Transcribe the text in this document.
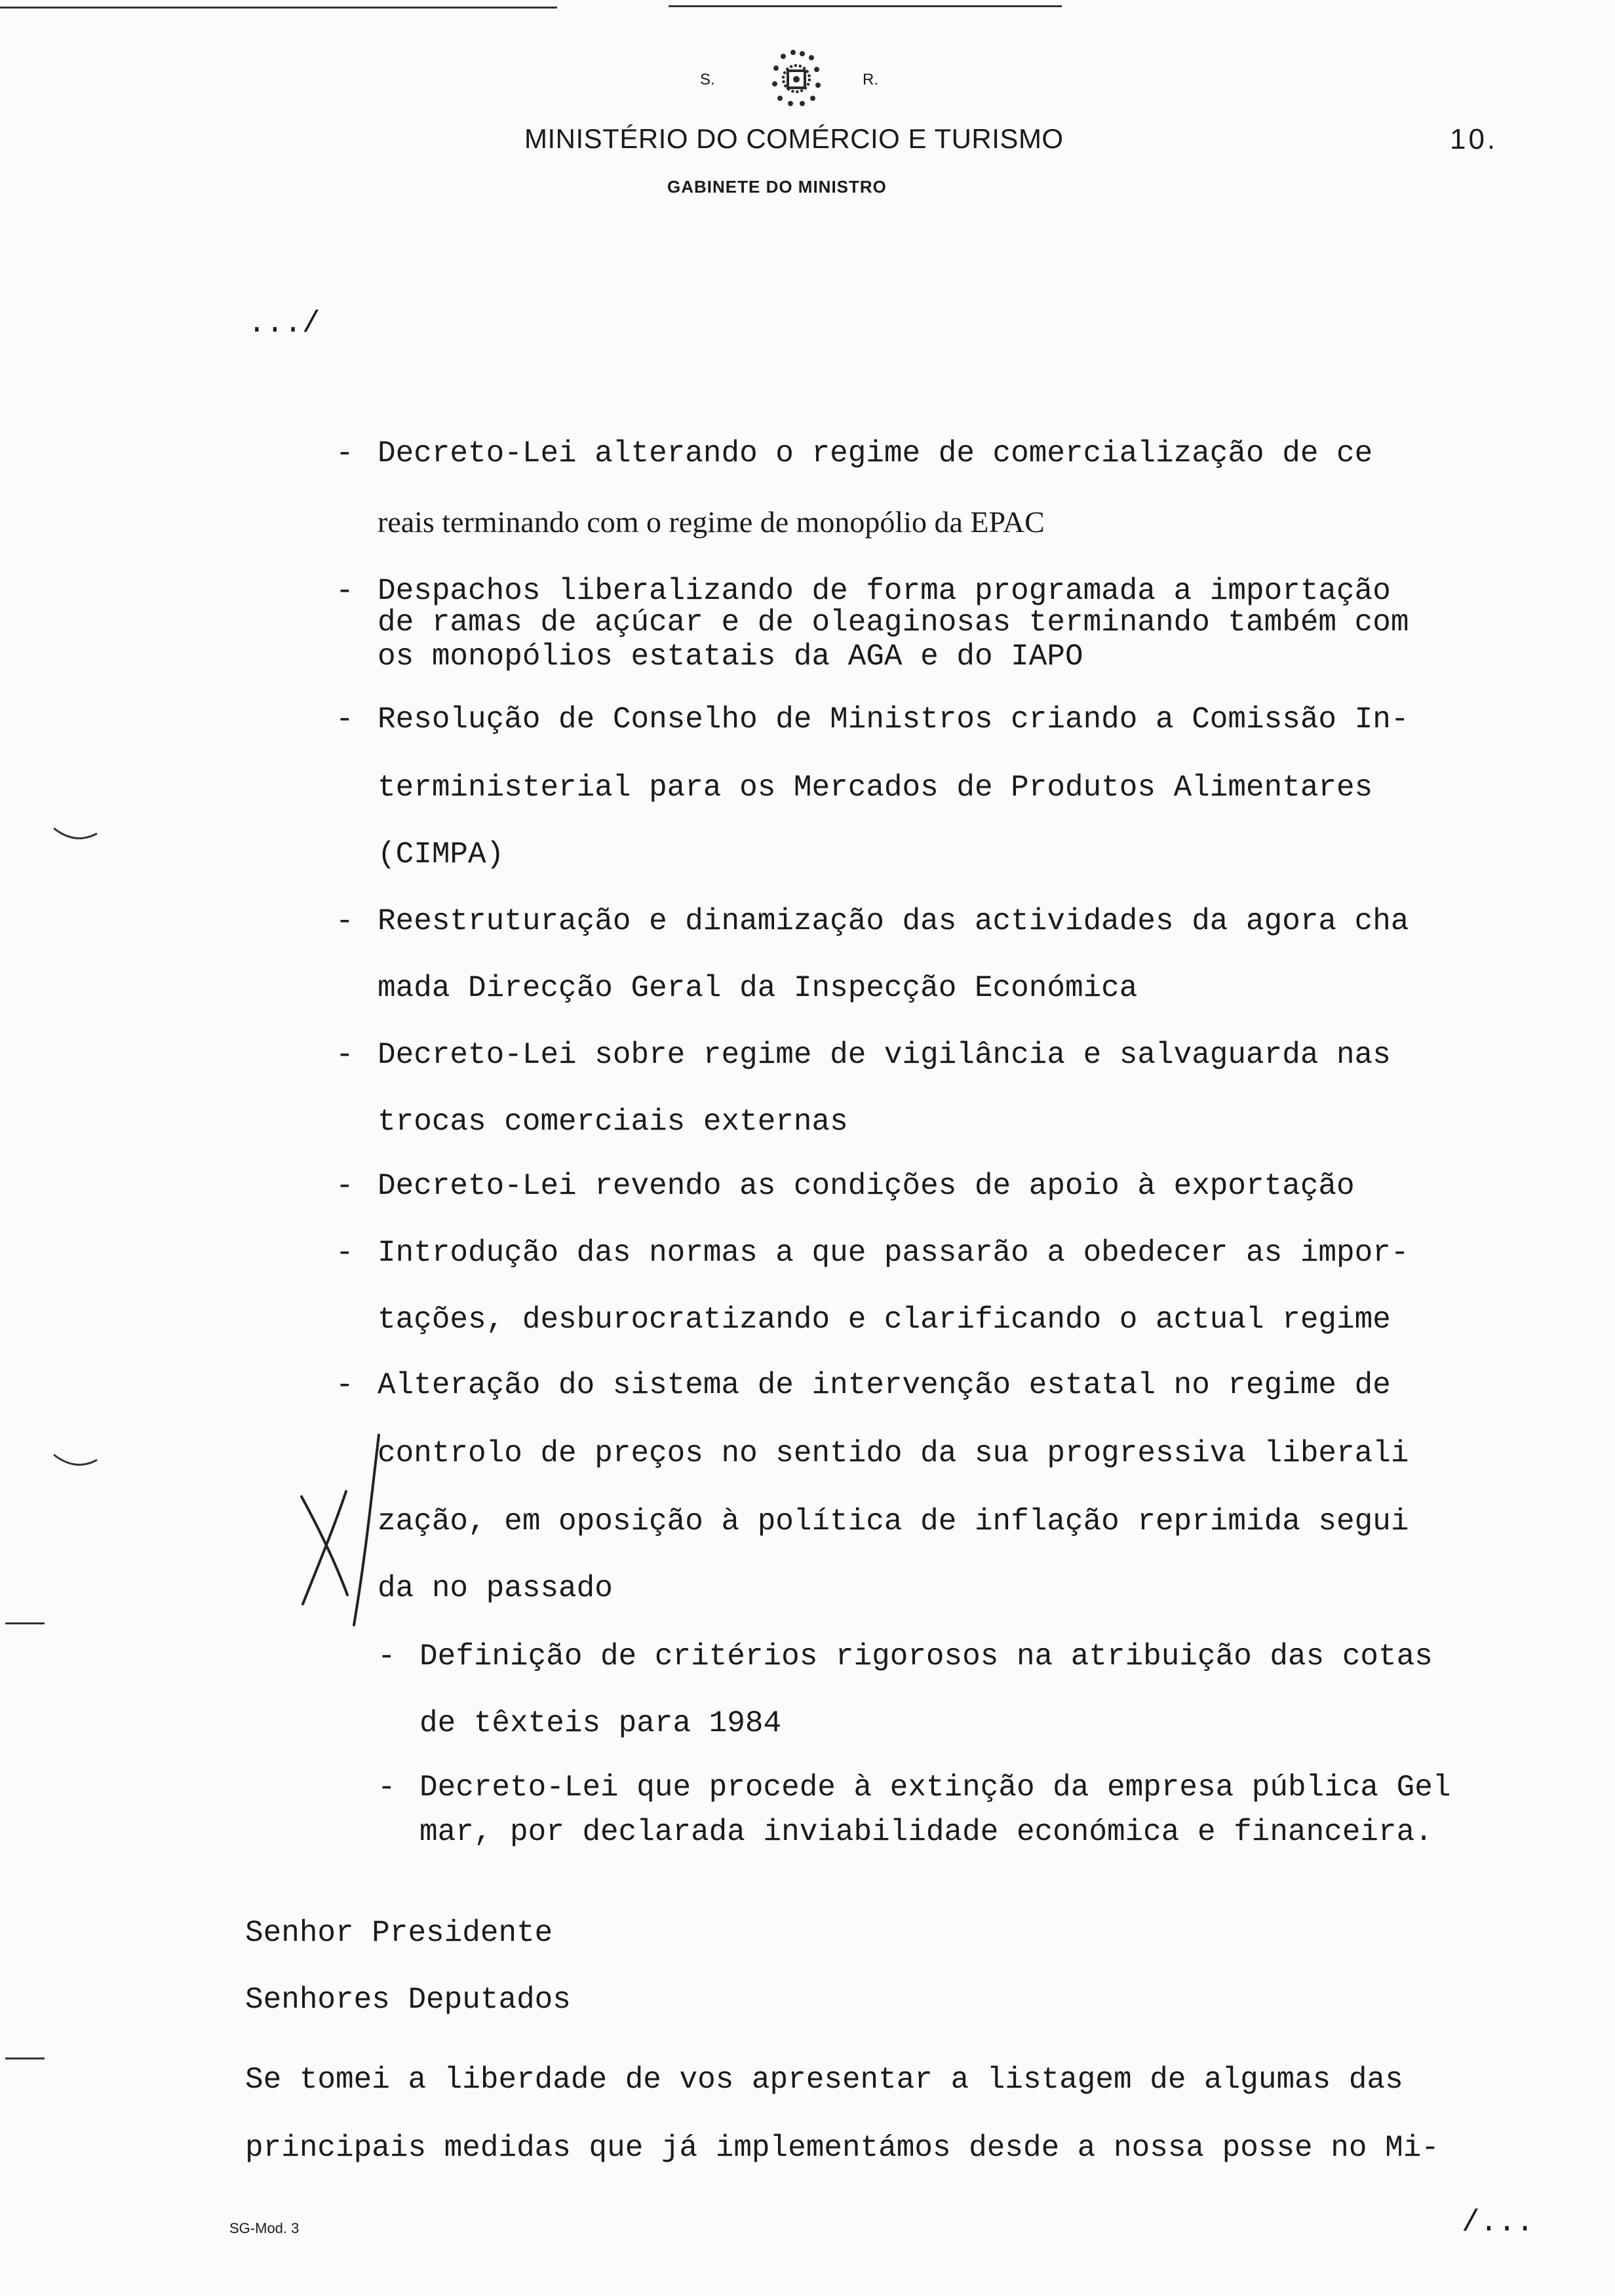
S.	R.
MINISTÉRIO DO COMÉRCIO E TURISMO	10.
GABINETE DO MINISTRO
.../
- Decreto-Lei alterando o regime de comercialização de ce
reais terminando com o regime de monopólio da EPAC
- Despachos liberalizando de forma programada a importação
de ramas de açúcar e de oleaginosas terminando também com
os monopólios estatais da AGA e do IAPO
- Resolução de Conselho de Ministros criando a Comissão In-
terministerial para os Mercados de Produtos Alimentares
(CIMPA)
- Reestruturação e dinamização das actividades da agora cha
mada Direcção Geral da Inspecção Económica
- Decreto-Lei sobre regime de vigilância e salvaguarda nas
trocas comerciais externas
- Decreto-Lei revendo as condições de apoio à exportação
- Introdução das normas a que passarão a obedecer as impor-
tações, desburocratizando e clarificando o actual regime
- Alteração do sistema de intervenção estatal no regime de
controlo de preços no sentido da sua progressiva liberali
zação, em oposição à política de inflação reprimida segui
da no passado
- Definição de critérios rigorosos na atribuição das cotas
de têxteis para 1984
- Decreto-Lei que procede à extinção da empresa pública Gel
mar, por declarada inviabilidade económica e financeira.
Senhor Presidente
Senhores Deputados
Se tomei a liberdade de vos apresentar a listagem de algumas das
principais medidas que já implementámos desde a nossa posse no Mi-
SG-Mod. 3	/...
